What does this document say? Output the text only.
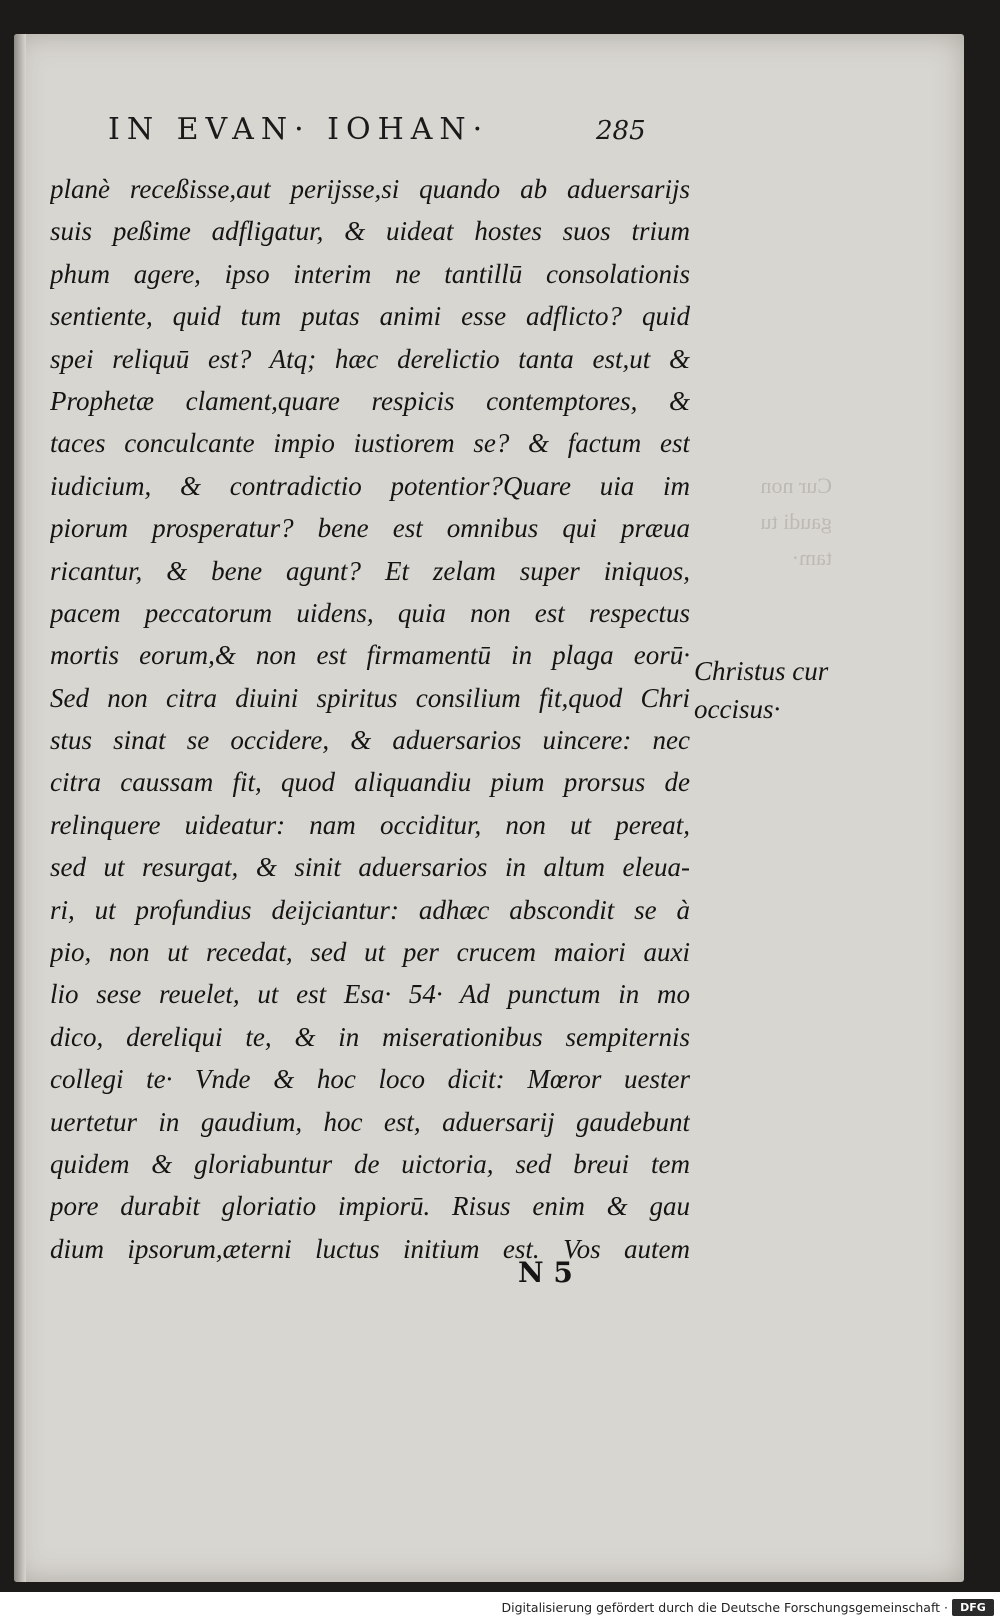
IN EVAN· IOHAN·	285
Cur non
gaudi tu
tam·
planè receßisse,aut perijsse,si quando ab aduersarijs
suis peßime adfligatur, & uideat hostes suos trium
phum agere, ipso interim ne tantillū consolationis
sentiente, quid tum putas animi esse adflicto? quid
spei reliquū est? Atq; hæc derelictio tanta est,ut &
Prophetæ clament,quare respicis contemptores, &
taces conculcante impio iustiorem se? & factum est
iudicium, & contradictio potentior?Quare uia im
piorum prosperatur? bene est omnibus qui præua
ricantur, & bene agunt? Et zelam super iniquos,
pacem peccatorum uidens, quia non est respectus
mortis eorum,& non est firmamentū in plaga eorū·
Sed non citra diuini spiritus consilium fit,quod Chri
stus sinat se occidere, & aduersarios uincere: nec
citra caussam fit, quod aliquandiu pium prorsus de
relinquere uideatur: nam occiditur, non ut pereat,
sed ut resurgat, & sinit aduersarios in altum eleua-
ri, ut profundius deijciantur: adhæc abscondit se à
pio, non ut recedat, sed ut per crucem maiori auxi
lio sese reuelet, ut est Esa· 54· Ad punctum in mo
dico, dereliqui te, & in miserationibus sempiternis
collegi te· Vnde & hoc loco dicit: Mœror uester
uertetur in gaudium, hoc est, aduersarij gaudebunt
quidem & gloriabuntur de uictoria, sed breui tem
pore durabit gloriatio impiorū. Risus enim & gau
dium ipsorum,æterni luctus initium est. Vos autem
Christus cur
occisus·
N 5
Digitalisierung gefördert durch die Deutsche Forschungsgemeinschaft ·	DFG
